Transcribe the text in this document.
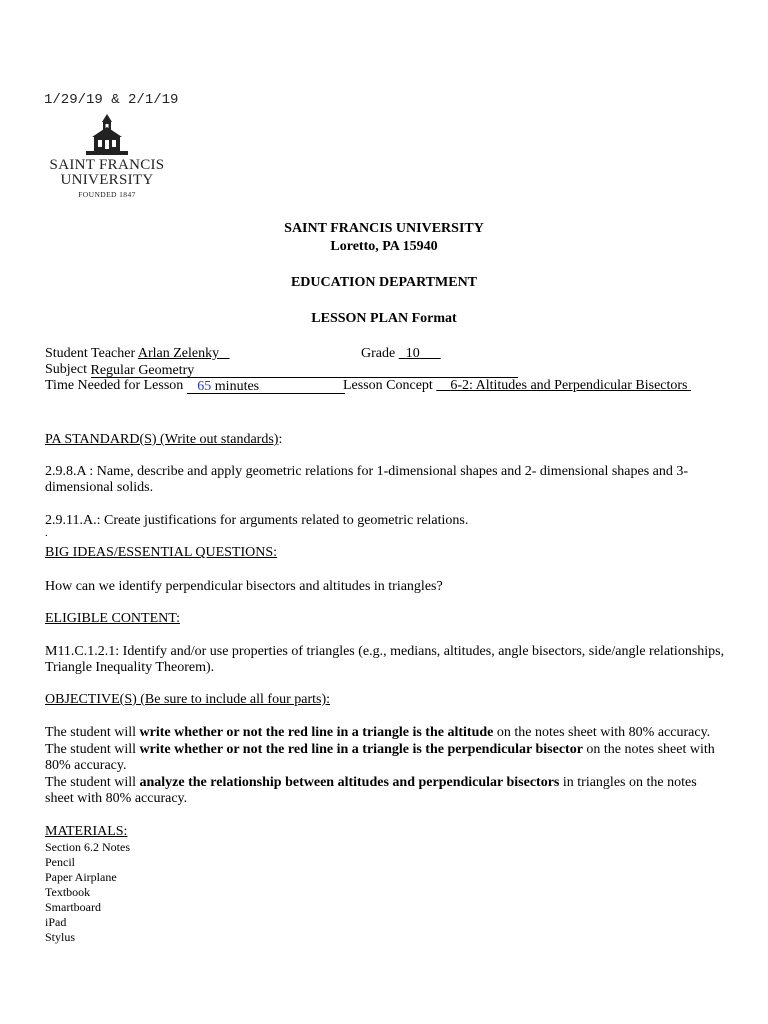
1/29/19 & 2/1/19
SAINT FRANCIS
UNIVERSITY
FOUNDED 1847
SAINT FRANCIS UNIVERSITY
Loretto, PA 15940
EDUCATION DEPARTMENT
LESSON PLAN Format
Student Teacher Arlan Zelenky	Grade   10
Subject Regular Geometry
Time Needed for Lesson    65 minutes	Lesson Concept     6-2: Altitudes and Perpendicular Bisectors
PA STANDARD(S) (Write out standards):
2.9.8.A : Name, describe and apply geometric relations for 1-dimensional shapes and 2- dimensional shapes and 3-dimensional solids.
2.9.11.A.: Create justifications for arguments related to geometric relations.
.
BIG IDEAS/ESSENTIAL QUESTIONS:
How can we identify perpendicular bisectors and altitudes in triangles?
ELIGIBLE CONTENT:
M11.C.1.2.1: Identify and/or use properties of triangles (e.g., medians, altitudes, angle bisectors, side/angle relationships, Triangle Inequality Theorem).
OBJECTIVE(S) (Be sure to include all four parts):
The student will write whether or not the red line in a triangle is the altitude on the notes sheet with 80% accuracy.
The student will write whether or not the red line in a triangle is the perpendicular bisector on the notes sheet with 80% accuracy.
The student will analyze the relationship between altitudes and perpendicular bisectors in triangles on the notes sheet with 80% accuracy.
MATERIALS:
Section 6.2 Notes
Pencil
Paper Airplane
Textbook
Smartboard
iPad
Stylus
